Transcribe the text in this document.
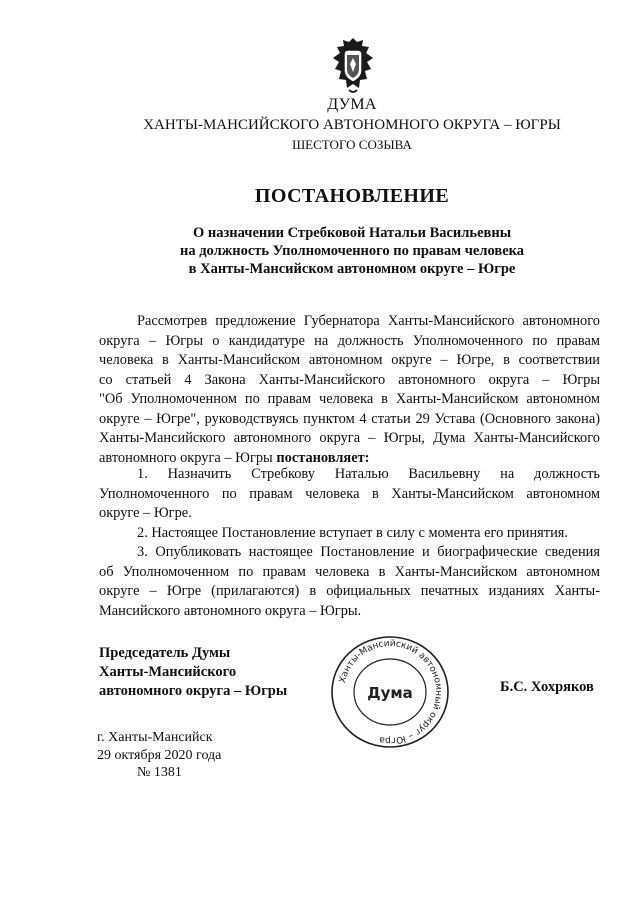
ДУМА
ХАНТЫ-МАНСИЙСКОГО АВТОНОМНОГО ОКРУГА – ЮГРЫ
ШЕСТОГО СОЗЫВА
ПОСТАНОВЛЕНИЕ
О назначении Стребковой Натальи Васильевны
на должность Уполномоченного по правам человека
в Ханты-Мансийском автономном округе – Югре
Рассмотрев предложение Губернатора Ханты-Мансийского автономного
округа – Югры о кандидатуре на должность Уполномоченного по правам
человека в Ханты-Мансийском автономном округе – Югре, в соответствии
со статьей 4 Закона Ханты-Мансийского автономного округа – Югры
"Об Уполномоченном по правам человека в Ханты-Мансийском автономном
округе – Югре", руководствуясь пунктом 4 статьи 29 Устава (Основного закона)
Ханты-Мансийского автономного округа – Югры, Дума Ханты-Мансийского
автономного округа – Югры постановляет:
1. Назначить Стребкову Наталью Васильевну на должность
Уполномоченного по правам человека в Ханты-Мансийском автономном
округе – Югре.
2. Настоящее Постановление вступает в силу с момента его принятия.
3. Опубликовать настоящее Постановление и биографические сведения
об Уполномоченном по правам человека в Ханты-Мансийском автономном
округе – Югре (прилагаются) в официальных печатных изданиях Ханты-
Мансийского автономного округа – Югры.
Председатель Думы
Ханты-Мансийского
автономного округа – Югры
Ханты-Мансийский автономный округ – Югра
Дума	Б.С. Хохряков
г. Ханты-Мансийск
29 октября 2020 года
№ 1381
